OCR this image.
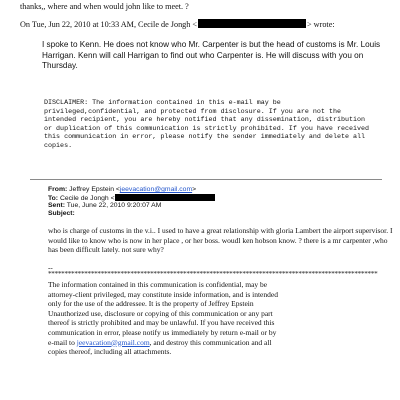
thanks,, where and when would john like to meet. ?
On Tue, Jun 22, 2010 at 10:33 AM, Cecile de Jongh <	> wrote:
I spoke to Kenn. He does not know who Mr. Carpenter is but the head of customs is Mr. Louis Harrigan. Kenn will call Harrigan to find out who Carpenter is. He will discuss with you on Thursday.
DISCLAIMER: The information contained in this e-mail may be privileged,confidential, and protected from disclosure. If you are not the intended recipient, you are hereby notified that any dissemination, distribution or duplication of this communication is strictly prohibited. If you have received this communication in error, please notify the sender immediately and delete all copies.
From: Jeffrey Epstein <jeevacation@gmail.com>
To: Cecile de Jongh <
Sent: Tue, June 22, 2010 9:20:07 AM
Subject:
who is charge of customs in the v.i.. I used to have a great relationship with gloria Lambert the airport supervisor. I would like to know who is now in her place , or her boss. woudl ken hobson know. ? there is a mr carpenter ,who has been difficult lately. not sure why?
--
****************************************************************************************************
The information contained in this communication is confidential, may be attorney-client privileged, may constitute inside information, and is intended only for the use of the addressee. It is the property of Jeffrey Epstein Unauthorized use, disclosure or copying of this communication or any part thereof is strictly prohibited and may be unlawful. If you have received this communication in error, please notify us immediately by return e-mail or by e-mail to jeevacation@gmail.com, and destroy this communication and all copies thereof, including all attachments.
